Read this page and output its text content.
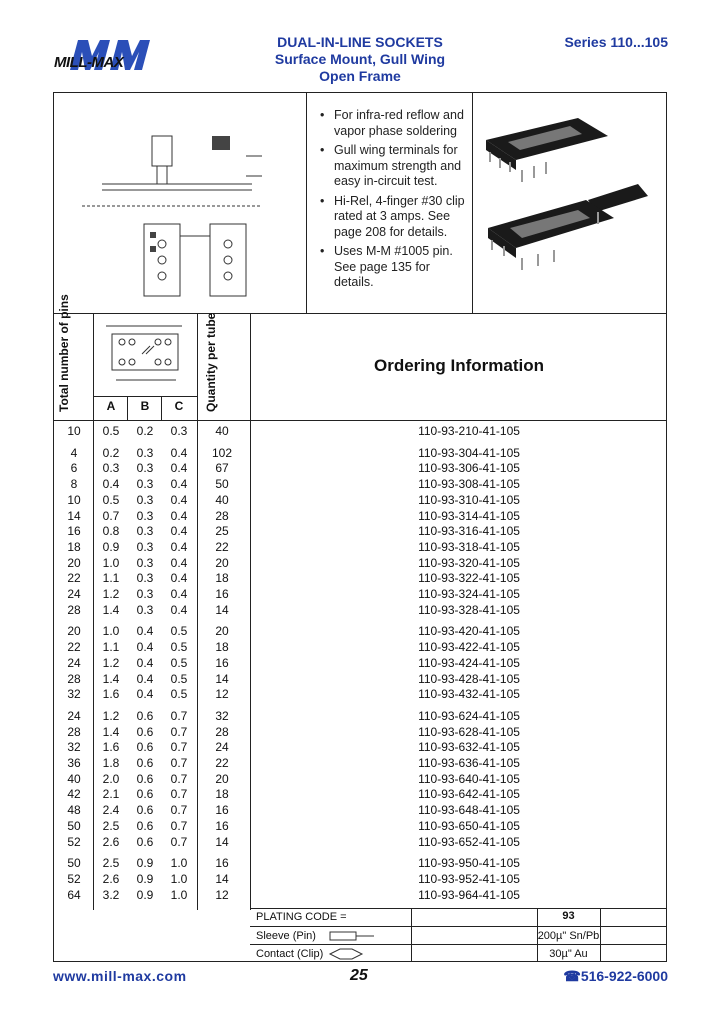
MILL-MAX
DUAL-IN-LINE SOCKETS
Surface Mount, Gull Wing
Open Frame
Series 110...105
• For infra-red reflow and vapor phase soldering
• Gull wing terminals for maximum strength and easy in-circuit test.
• Hi-Rel, 4-finger #30 clip rated at 3 amps. See page 208 for details.
• Uses M-M #1005 pin. See page 135 for details.
Total number of pins	Quantity per tube
A	B	C
Ordering Information
10	0.5	0.2	0.3	40	110-93-210-41-105
4	0.2	0.3	0.4	102	110-93-304-41-105
6	0.3	0.3	0.4	67	110-93-306-41-105
8	0.4	0.3	0.4	50	110-93-308-41-105
10	0.5	0.3	0.4	40	110-93-310-41-105
14	0.7	0.3	0.4	28	110-93-314-41-105
16	0.8	0.3	0.4	25	110-93-316-41-105
18	0.9	0.3	0.4	22	110-93-318-41-105
20	1.0	0.3	0.4	20	110-93-320-41-105
22	1.1	0.3	0.4	18	110-93-322-41-105
24	1.2	0.3	0.4	16	110-93-324-41-105
28	1.4	0.3	0.4	14	110-93-328-41-105
20	1.0	0.4	0.5	20	110-93-420-41-105
22	1.1	0.4	0.5	18	110-93-422-41-105
24	1.2	0.4	0.5	16	110-93-424-41-105
28	1.4	0.4	0.5	14	110-93-428-41-105
32	1.6	0.4	0.5	12	110-93-432-41-105
24	1.2	0.6	0.7	32	110-93-624-41-105
28	1.4	0.6	0.7	28	110-93-628-41-105
32	1.6	0.6	0.7	24	110-93-632-41-105
36	1.8	0.6	0.7	22	110-93-636-41-105
40	2.0	0.6	0.7	20	110-93-640-41-105
42	2.1	0.6	0.7	18	110-93-642-41-105
48	2.4	0.6	0.7	16	110-93-648-41-105
50	2.5	0.6	0.7	16	110-93-650-41-105
52	2.6	0.6	0.7	14	110-93-652-41-105
50	2.5	0.9	1.0	16	110-93-950-41-105
52	2.6	0.9	1.0	14	110-93-952-41-105
64	3.2	0.9	1.0	12	110-93-964-41-105
PLATING CODE =	93
Sleeve (Pin)	200µ" Sn/Pb
Contact (Clip)	30µ" Au
www.mill-max.com	25	☎516-922-6000
